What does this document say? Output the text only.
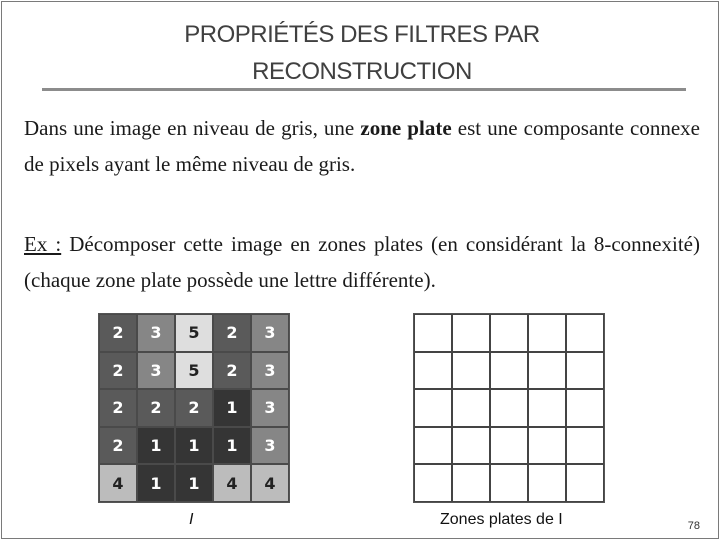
PROPRIÉTÉS DES FILTRES PAR
RECONSTRUCTION
Dans une image en niveau de gris, une zone plate est une composante connexe de pixels ayant le même niveau de gris.
Ex : Décomposer cette image en zones plates (en considérant la 8-connexité) (chaque zone plate possède une lettre différente).
2	3	5	2	3
2	3	5	2	3
2	2	2	1	3
2	1	1	1	3
4	1	1	4	4
I	Zones plates de I	78
